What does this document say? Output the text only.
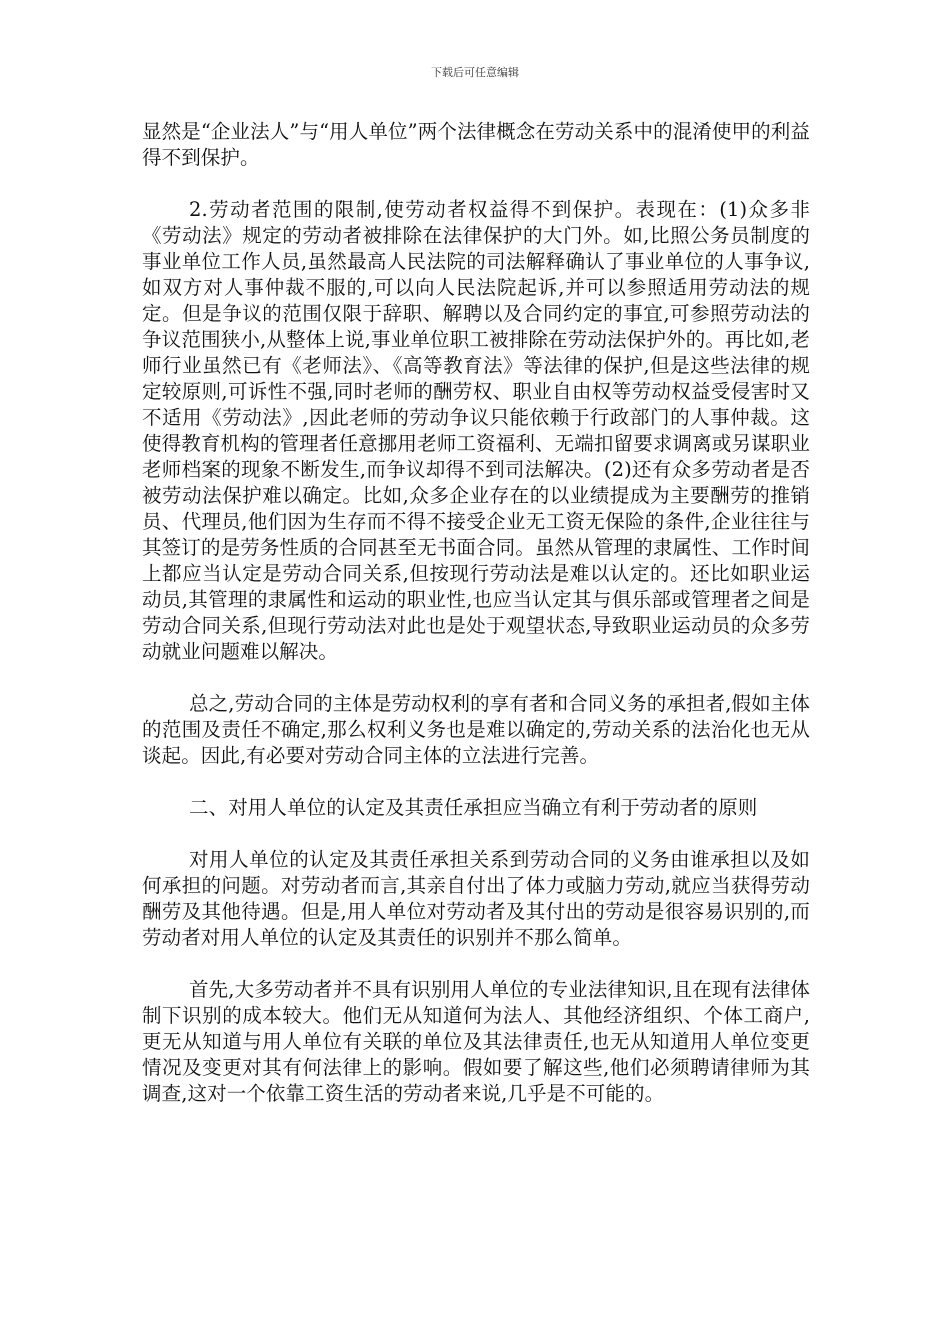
下载后可任意编辑

显然是“企业法人”与“用人单位”两个法律概念在劳动关系中的混淆使甲的利益得不到保护。

2.劳动者范围的限制,使劳动者权益得不到保护。表现在：(1)众多非《劳动法》规定的劳动者被排除在法律保护的大门外。如,比照公务员制度的事业单位工作人员,虽然最高人民法院的司法解释确认了事业单位的人事争议,如双方对人事仲裁不服的,可以向人民法院起诉,并可以参照适用劳动法的规定。但是争议的范围仅限于辞职、解聘以及合同约定的事宜,可参照劳动法的争议范围狭小,从整体上说,事业单位职工被排除在劳动法保护外的。再比如,老师行业虽然已有《老师法》、《高等教育法》等法律的保护,但是这些法律的规定较原则,可诉性不强,同时老师的酬劳权、职业自由权等劳动权益受侵害时又不适用《劳动法》,因此老师的劳动争议只能依赖于行政部门的人事仲裁。这使得教育机构的管理者任意挪用老师工资福利、无端扣留要求调离或另谋职业老师档案的现象不断发生,而争议却得不到司法解决。(2)还有众多劳动者是否被劳动法保护难以确定。比如,众多企业存在的以业绩提成为主要酬劳的推销员、代理员,他们因为生存而不得不接受企业无工资无保险的条件,企业往往与其签订的是劳务性质的合同甚至无书面合同。虽然从管理的隶属性、工作时间上都应当认定是劳动合同关系,但按现行劳动法是难以认定的。还比如职业运动员,其管理的隶属性和运动的职业性,也应当认定其与俱乐部或管理者之间是劳动合同关系,但现行劳动法对此也是处于观望状态,导致职业运动员的众多劳动就业问题难以解决。

总之,劳动合同的主体是劳动权利的享有者和合同义务的承担者,假如主体的范围及责任不确定,那么权利义务也是难以确定的,劳动关系的法治化也无从谈起。因此,有必要对劳动合同主体的立法进行完善。

二、对用人单位的认定及其责任承担应当确立有利于劳动者的原则

对用人单位的认定及其责任承担关系到劳动合同的义务由谁承担以及如何承担的问题。对劳动者而言,其亲自付出了体力或脑力劳动,就应当获得劳动酬劳及其他待遇。但是,用人单位对劳动者及其付出的劳动是很容易识别的,而劳动者对用人单位的认定及其责任的识别并不那么简单。

首先,大多劳动者并不具有识别用人单位的专业法律知识,且在现有法律体制下识别的成本较大。他们无从知道何为法人、其他经济组织、个体工商户,更无从知道与用人单位有关联的单位及其法律责任,也无从知道用人单位变更情况及变更对其有何法律上的影响。假如要了解这些,他们必须聘请律师为其调查,这对一个依靠工资生活的劳动者来说,几乎是不可能的。
